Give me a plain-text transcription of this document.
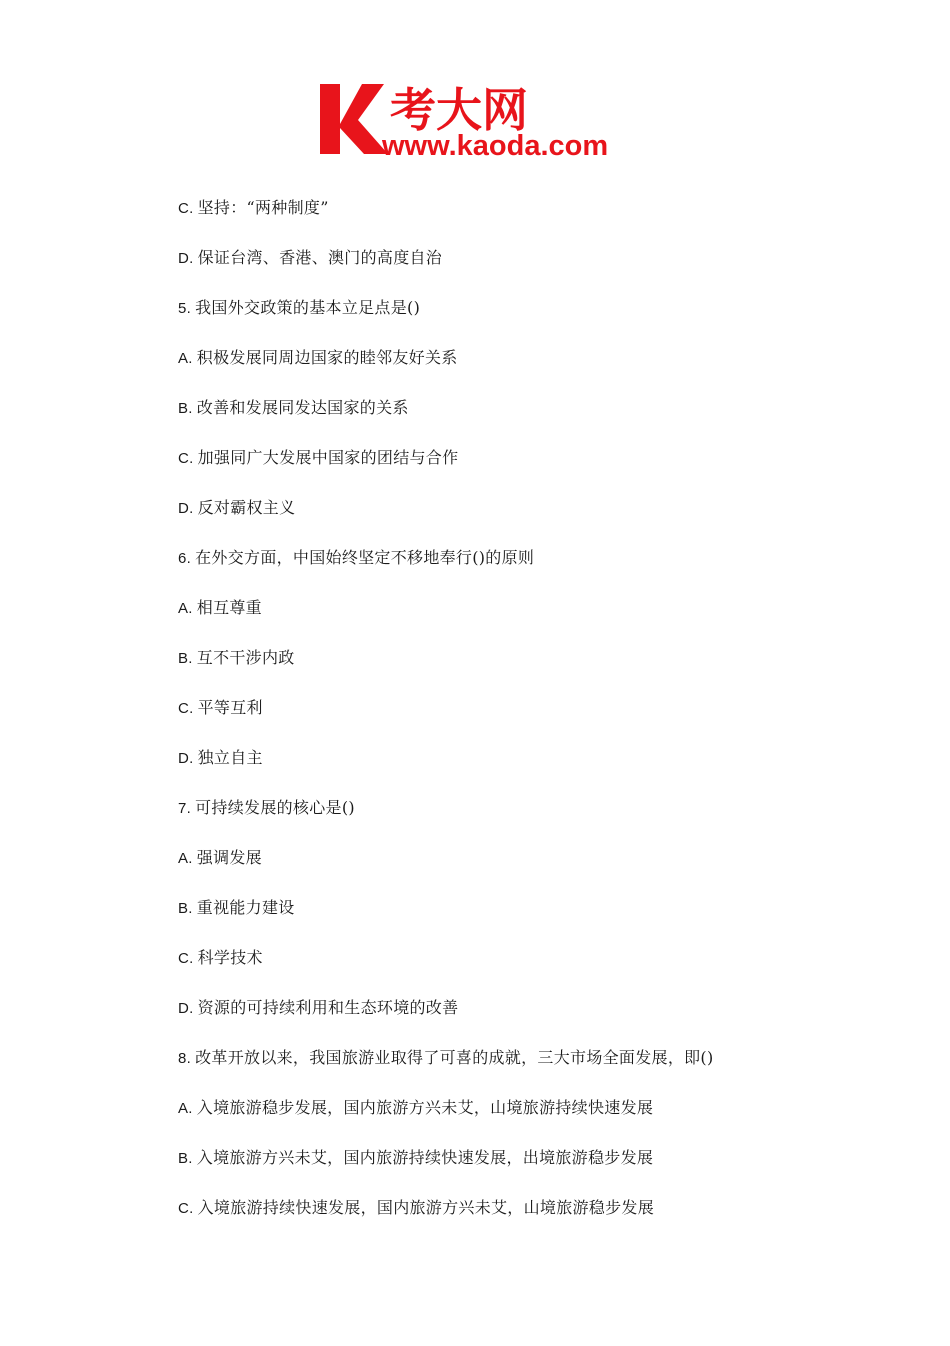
考大网
www.kaoda.com
C. 坚持：“两种制度”
D. 保证台湾、香港、澳门的高度自治
5. 我国外交政策的基本立足点是()
A. 积极发展同周边国家的睦邻友好关系
B. 改善和发展同发达国家的关系
C. 加强同广大发展中国家的团结与合作
D. 反对霸权主义
6. 在外交方面，中国始终坚定不移地奉行()的原则
A. 相互尊重
B. 互不干涉内政
C. 平等互利
D. 独立自主
7. 可持续发展的核心是()
A. 强调发展
B. 重视能力建设
C. 科学技术
D. 资源的可持续利用和生态环境的改善
8. 改革开放以来，我国旅游业取得了可喜的成就，三大市场全面发展，即()
A. 入境旅游稳步发展，国内旅游方兴未艾，山境旅游持续快速发展
B. 入境旅游方兴未艾，国内旅游持续快速发展，出境旅游稳步发展
C. 入境旅游持续快速发展，国内旅游方兴未艾，山境旅游稳步发展
